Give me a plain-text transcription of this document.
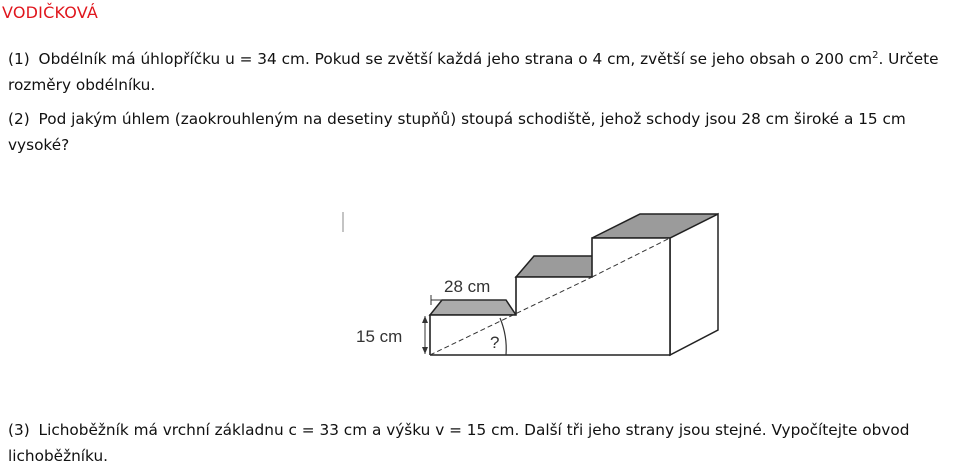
VODIČKOVÁ
(1) Obdélník má úhlopříčku u = 34 cm. Pokud se zvětší každá jeho strana o 4 cm, zvětší se jeho obsah o 200 $cm^2$. Určete rozměry obdélníku.
(2) Pod jakým úhlem (zaokrouhleným na desetiny stupňů) stoupá schodiště, jehož schody jsou 28 cm široké a 15 cm vysoké?
?
28 cm
15 cm
(3) Lichoběžník má vrchní základnu c = 33 cm a výšku v = 15 cm. Další tři jeho strany jsou stejné. Vypočítejte obvod lichoběžníku.
